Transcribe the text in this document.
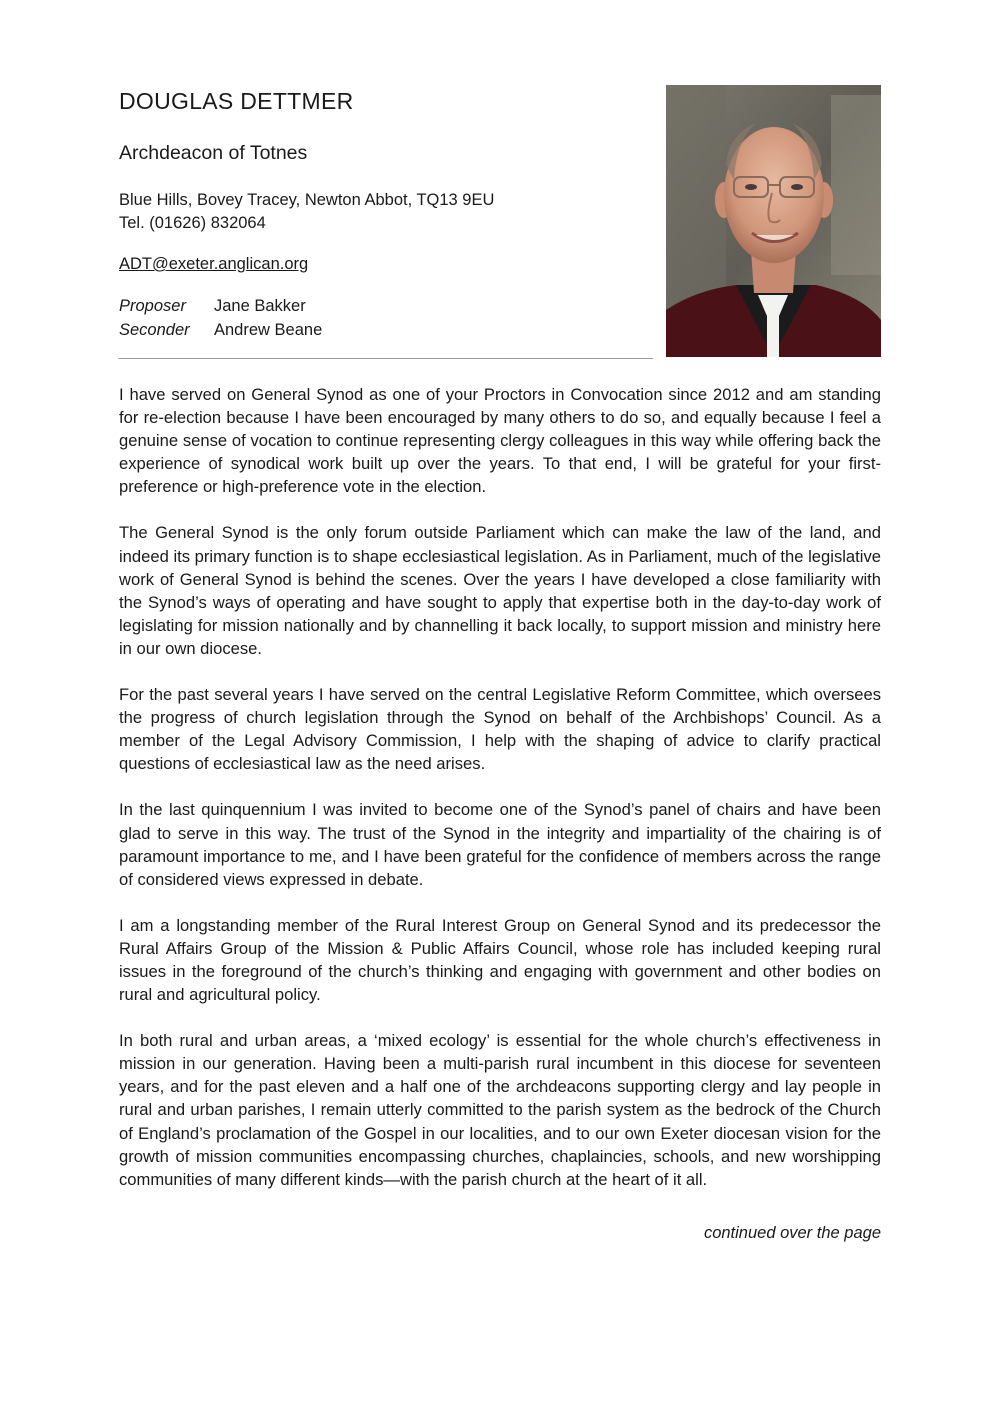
DOUGLAS DETTMER
Archdeacon of Totnes
Blue Hills, Bovey Tracey, Newton Abbot, TQ13 9EU
Tel. (01626) 832064
ADT@exeter.anglican.org
Proposer Jane Bakker
Seconder Andrew Beane

I have served on General Synod as one of your Proctors in Convocation since 2012 and am standing for re-election because I have been encouraged by many others to do so, and equally because I feel a genuine sense of vocation to continue representing clergy colleagues in this way while offering back the experience of synodical work built up over the years. To that end, I will be grateful for your first-preference or high-preference vote in the election.

The General Synod is the only forum outside Parliament which can make the law of the land, and indeed its primary function is to shape ecclesiastical legislation. As in Parliament, much of the legislative work of General Synod is behind the scenes. Over the years I have developed a close familiarity with the Synod’s ways of operating and have sought to apply that expertise both in the day-to-day work of legislating for mission nationally and by channelling it back locally, to support mission and ministry here in our own diocese.

For the past several years I have served on the central Legislative Reform Committee, which oversees the progress of church legislation through the Synod on behalf of the Archbishops’ Council. As a member of the Legal Advisory Commission, I help with the shaping of advice to clarify practical questions of ecclesiastical law as the need arises.

In the last quinquennium I was invited to become one of the Synod’s panel of chairs and have been glad to serve in this way. The trust of the Synod in the integrity and impartiality of the chairing is of paramount importance to me, and I have been grateful for the confidence of members across the range of considered views expressed in debate.

I am a longstanding member of the Rural Interest Group on General Synod and its predecessor the Rural Affairs Group of the Mission & Public Affairs Council, whose role has included keeping rural issues in the foreground of the church’s thinking and engaging with government and other bodies on rural and agricultural policy.

In both rural and urban areas, a ‘mixed ecology’ is essential for the whole church’s effectiveness in mission in our generation. Having been a multi-parish rural incumbent in this diocese for seventeen years, and for the past eleven and a half one of the archdeacons supporting clergy and lay people in rural and urban parishes, I remain utterly committed to the parish system as the bedrock of the Church of England’s proclamation of the Gospel in our localities, and to our own Exeter diocesan vision for the growth of mission communities encompassing churches, chaplaincies, schools, and new worshipping communities of many different kinds—with the parish church at the heart of it all.

continued over the page
